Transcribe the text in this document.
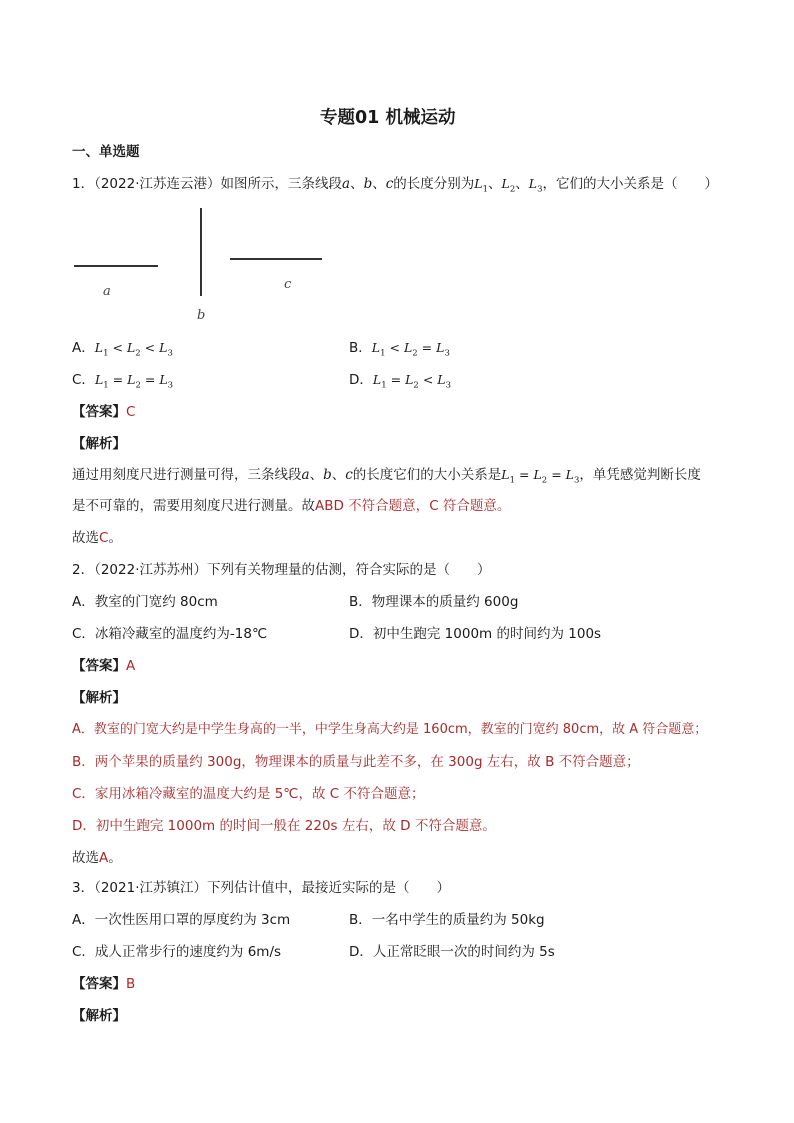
专题01 机械运动
一、单选题
1．（2022·江苏连云港）如图所示，三条线段a、b、c的长度分别为$L_1$、$L_2$、$L_3$，它们的大小关系是（　　）
a
b
c
A．$L_1 < L_2 < L_3$	B．$L_1 < L_2 = L_3$
C．$L_1 = L_2 = L_3$	D．$L_1 = L_2 < L_3$
【答案】C
【解析】
通过用刻度尺进行测量可得，三条线段a、b、c的长度它们的大小关系是$L_1 = L_2 = L_3$，单凭感觉判断长度
是不可靠的，需要用刻度尺进行测量。故ABD 不符合题意，C 符合题意。
故选C。
2．（2022·江苏苏州）下列有关物理量的估测，符合实际的是（　　）
A．教室的门宽约 80cm	B．物理课本的质量约 600g
C．冰箱冷藏室的温度约为-18℃	D．初中生跑完 1000m 的时间约为 100s
【答案】A
【解析】
A．教室的门宽大约是中学生身高的一半，中学生身高大约是 160cm，教室的门宽约 80cm，故 A 符合题意；
B．两个苹果的质量约 300g，物理课本的质量与此差不多，在 300g 左右，故 B 不符合题意；
C．家用冰箱冷藏室的温度大约是 5℃，故 C 不符合题意；
D．初中生跑完 1000m 的时间一般在 220s 左右，故 D 不符合题意。
故选A。
3．（2021·江苏镇江）下列估计值中，最接近实际的是（　　）
A．一次性医用口罩的厚度约为 3cm	B．一名中学生的质量约为 50kg
C．成人正常步行的速度约为 6m/s	D．人正常眨眼一次的时间约为 5s
【答案】B
【解析】
